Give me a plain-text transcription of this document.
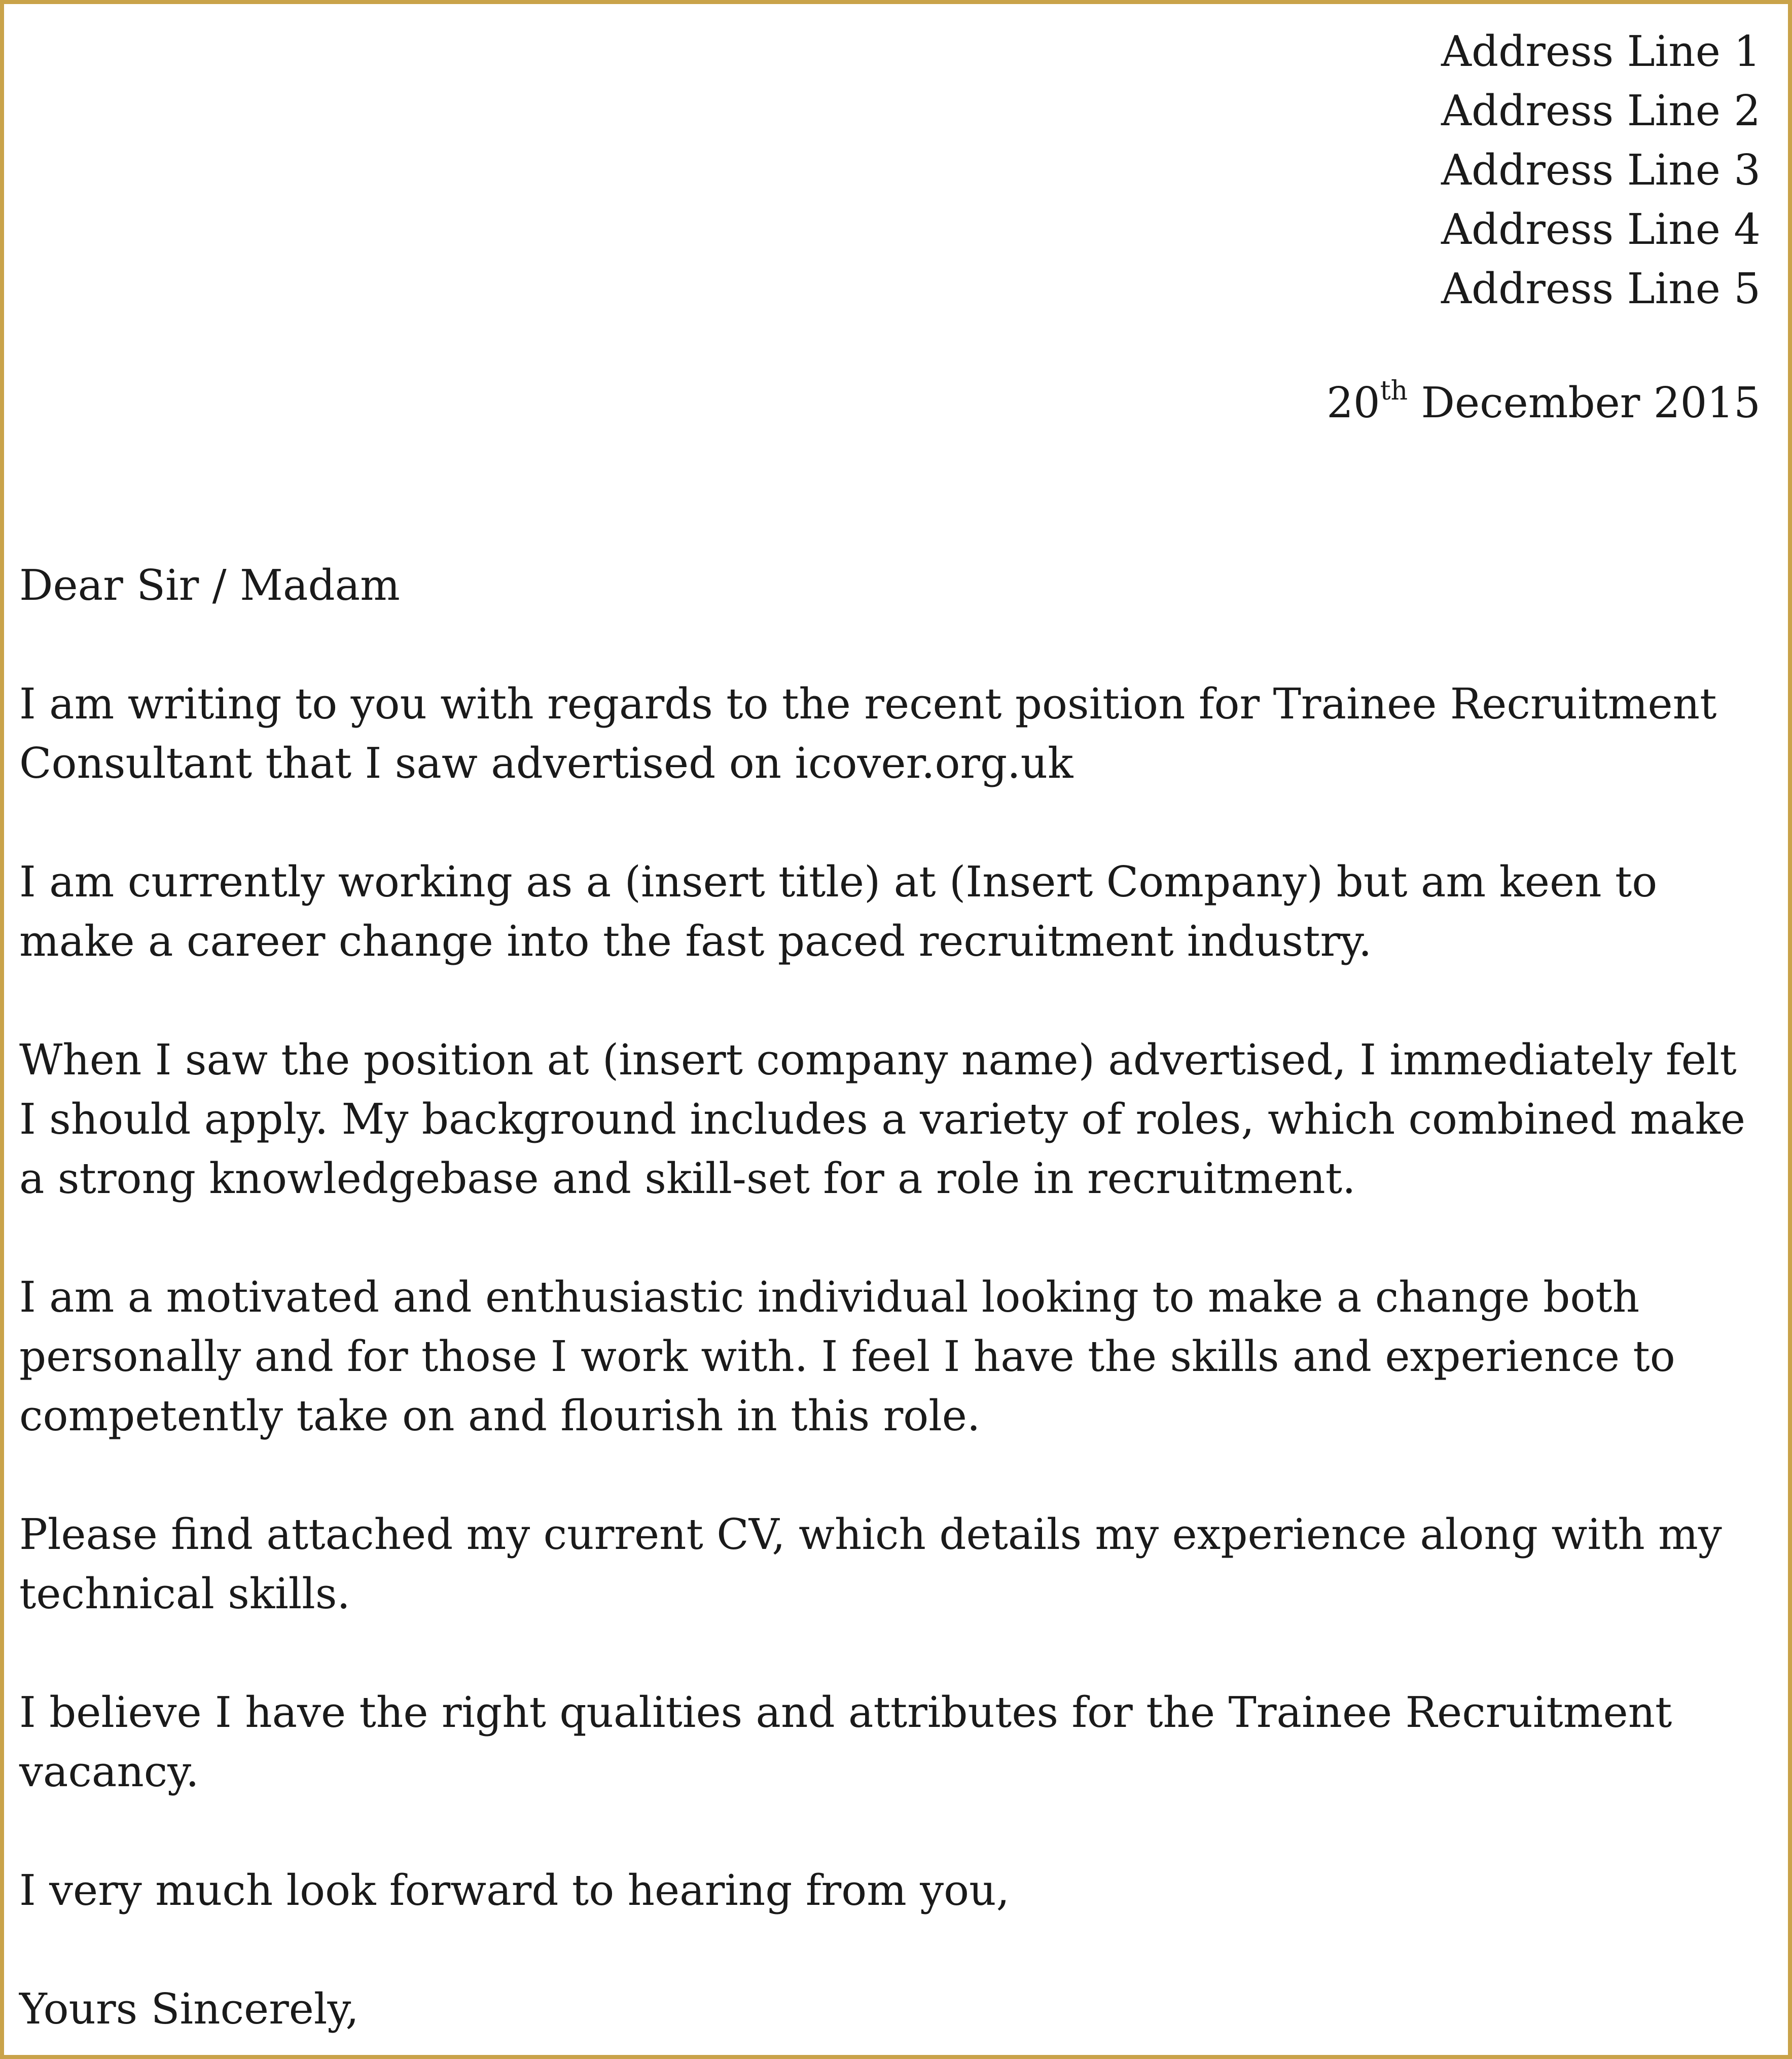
Address Line 1
Address Line 2
Address Line 3
Address Line 4
Address Line 5
20th December 2015

Dear Sir / Madam

I am writing to you with regards to the recent position for Trainee Recruitment
Consultant that I saw advertised on icover.org.uk

I am currently working as a (insert title) at (Insert Company) but am keen to
make a career change into the fast paced recruitment industry.

When I saw the position at (insert company name) advertised, I immediately felt
I should apply. My background includes a variety of roles, which combined make
a strong knowledgebase and skill-set for a role in recruitment.

I am a motivated and enthusiastic individual looking to make a change both
personally and for those I work with. I feel I have the skills and experience to
competently take on and flourish in this role.

Please find attached my current CV, which details my experience along with my
technical skills.

I believe I have the right qualities and attributes for the Trainee Recruitment
vacancy.

I very much look forward to hearing from you,

Yours Sincerely,
